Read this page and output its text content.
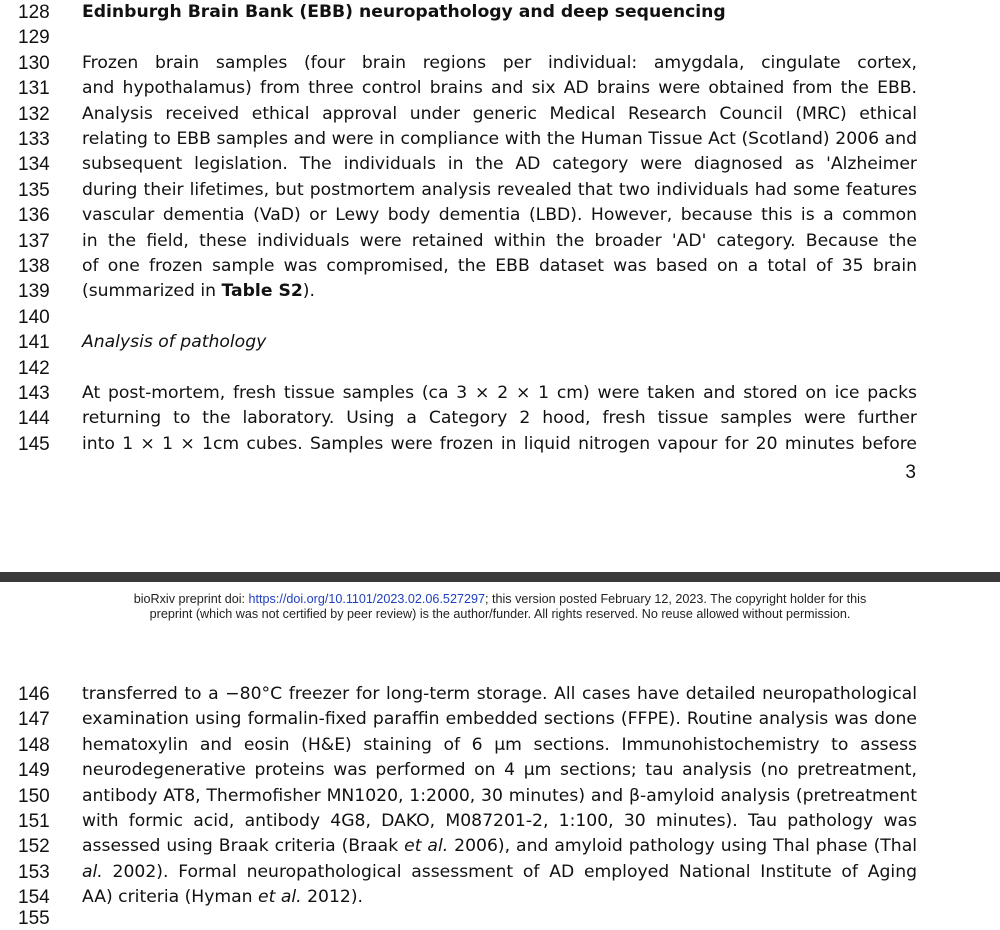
128	Edinburgh Brain Bank (EBB) neuropathology and deep sequencing
129
130	Frozen brain samples (four brain regions per individual: amygdala, cingulate cortex,
131	and hypothalamus) from three control brains and six AD brains were obtained from the EBB.
132	Analysis received ethical approval under generic Medical Research Council (MRC) ethical
133	relating to EBB samples and were in compliance with the Human Tissue Act (Scotland) 2006 and
134	subsequent legislation. The individuals in the AD category were diagnosed as 'Alzheimer
135	during their lifetimes, but postmortem analysis revealed that two individuals had some features
136	vascular dementia (VaD) or Lewy body dementia (LBD). However, because this is a common
137	in the field, these individuals were retained within the broader 'AD' category. Because the
138	of one frozen sample was compromised, the EBB dataset was based on a total of 35 brain
139	(summarized in Table S2).
140
141	Analysis of pathology
142
143	At post-mortem, fresh tissue samples (ca 3 × 2 × 1 cm) were taken and stored on ice packs
144	returning to the laboratory. Using a Category 2 hood, fresh tissue samples were further
145	into 1 × 1 × 1cm cubes. Samples were frozen in liquid nitrogen vapour for 20 minutes before
3
bioRxiv preprint doi: https://doi.org/10.1101/2023.02.06.527297; this version posted February 12, 2023. The copyright holder for this
preprint (which was not certified by peer review) is the author/funder. All rights reserved. No reuse allowed without permission.
146	transferred to a −80°C freezer for long-term storage. All cases have detailed neuropathological
147	examination using formalin-fixed paraffin embedded sections (FFPE). Routine analysis was done
148	hematoxylin and eosin (H&E) staining of 6 μm sections. Immunohistochemistry to assess
149	neurodegenerative proteins was performed on 4 μm sections; tau analysis (no pretreatment,
150	antibody AT8, Thermofisher MN1020, 1:2000, 30 minutes) and β-amyloid analysis (pretreatment
151	with formic acid, antibody 4G8, DAKO, M087201-2, 1:100, 30 minutes). Tau pathology was
152	assessed using Braak criteria (Braak et al. 2006), and amyloid pathology using Thal phase (Thal
153	al. 2002). Formal neuropathological assessment of AD employed National Institute of Aging
154	AA) criteria (Hyman et al. 2012).
155
